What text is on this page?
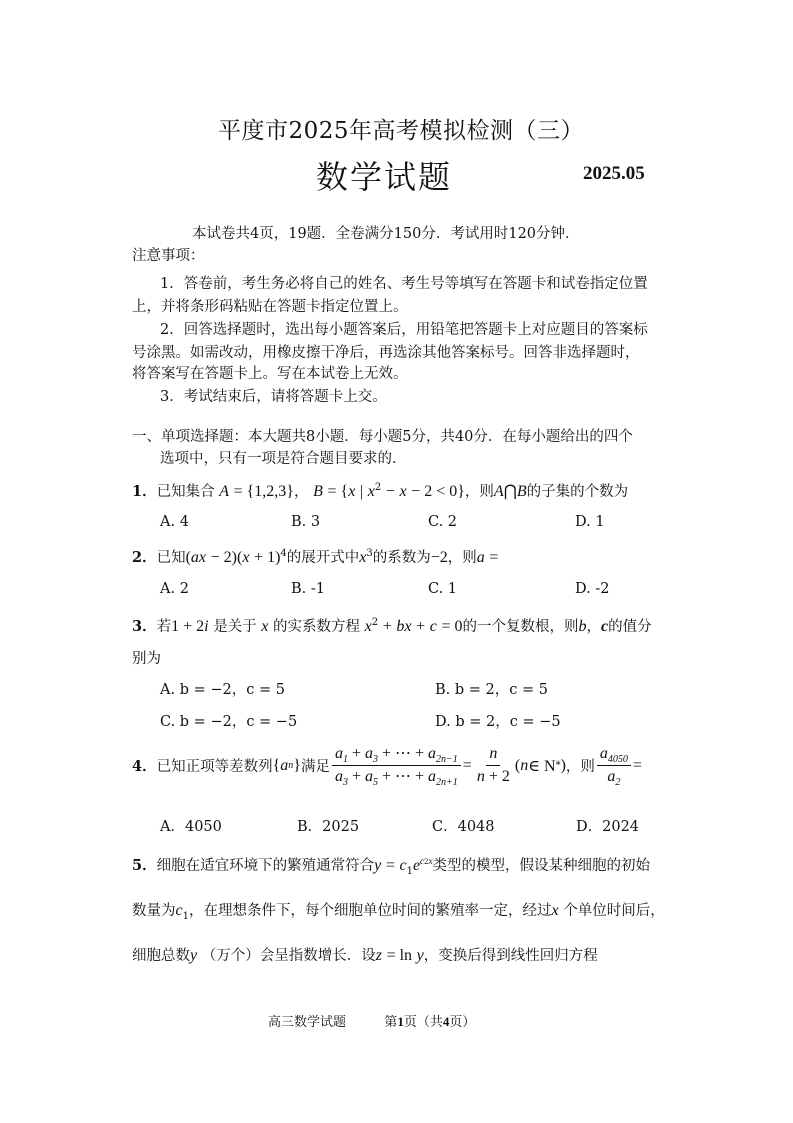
平度市2025年高考模拟检测（三）
数学试题	2025.05
本试卷共4页，19题．全卷满分150分．考试用时120分钟．
注意事项：
1．答卷前，考生务必将自己的姓名、考生号等填写在答题卡和试卷指定位置
上，并将条形码粘贴在答题卡指定位置上。
2．回答选择题时，选出每小题答案后，用铅笔把答题卡上对应题目的答案标
号涂黑。如需改动，用橡皮擦干净后，再选涂其他答案标号。回答非选择题时，
将答案写在答题卡上。写在本试卷上无效。
3．考试结束后，请将答题卡上交。
一、单项选择题：本大题共8小题．每小题5分，共40分．在每小题给出的四个
选项中，只有一项是符合题目要求的．
1．已知集合 A = {1,2,3}， B = {x | $x^2 - x - 2 < 0$}，则A⋂B的子集的个数为
A. 4	B. 3	C. 2	D. 1
2．已知$(ax - 2)(x + 1)^4$的展开式中$x^3$的系数为−2，则a =
A. 2	B. -1	C. 1	D. -2
3．若1 + 2i 是关于 x 的实系数方程 $x^2$ + bx + c = 0的一个复数根，则b，c的值分
别为
A. b = −2，c = 5	B. b = 2，c = 5
C. b = −2，c = −5	D. b = 2，c = −5
4． 已知正项等差数列 { a n } 满足 $\frac{a_1 + a_3 + \cdots + a_{2n-1}}{a_3 + a_5 + \cdots + a_{2n+1}} = \frac{n}{n + 2}$ ( n ∈ N * ) ，则 $\frac{a_{4050}}{a_2}$ =
A．4050	B．2025	C．4048	D．2024
5．细胞在适宜环境下的繁殖通常符合$y = c_1e^{c2x}$类型的模型，假设某种细胞的初始
数量为$c_1$，在理想条件下，每个细胞单位时间的繁殖率一定，经过x 个单位时间后，
细胞总数y （万个）会呈指数增长．设z = ln y，变换后得到线性回归方程
高三数学试题	第1页（共4页）
